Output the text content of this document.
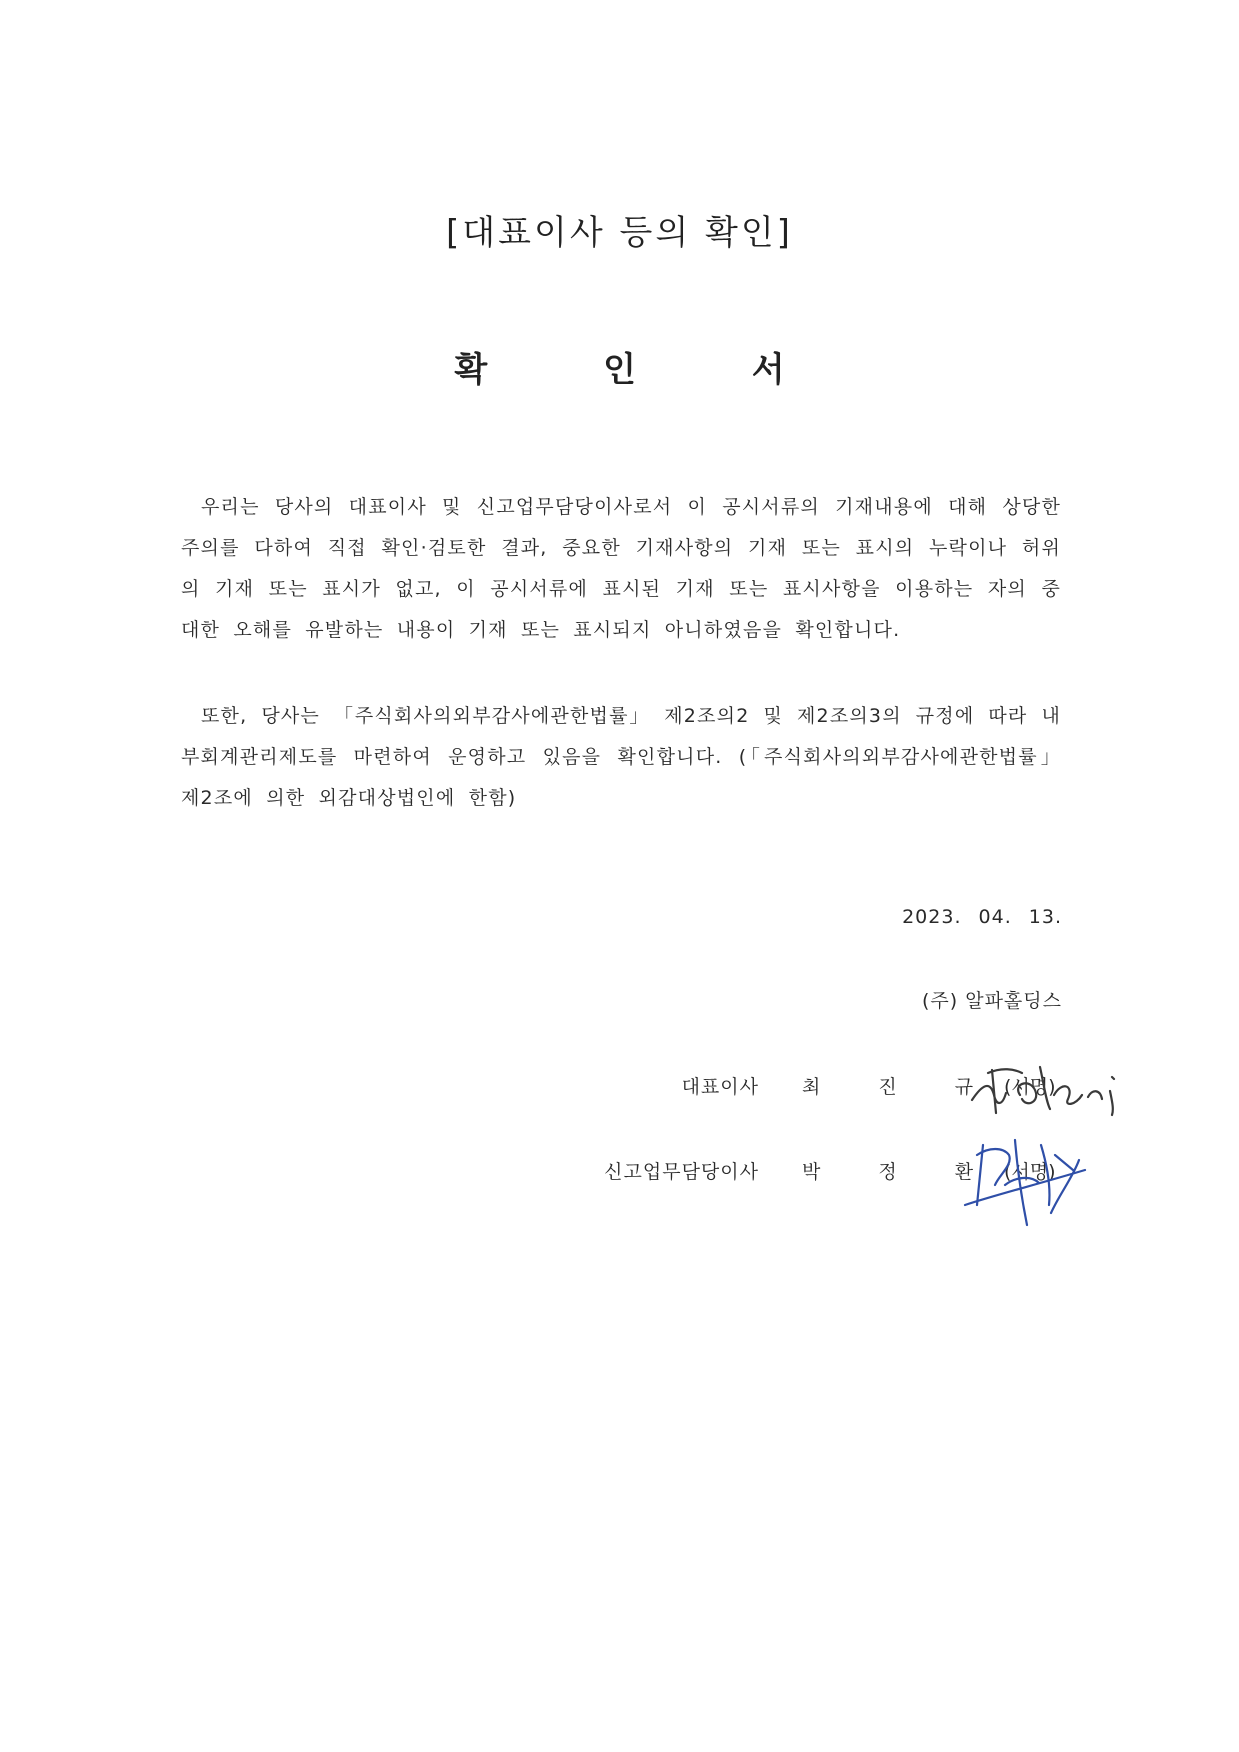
[대표이사 등의 확인]
확 인 서

우리는 당사의 대표이사 및 신고업무담당이사로서 이 공시서류의 기재내용에 대해 상당한 주의를 다하여 직접 확인·검토한 결과, 중요한 기재사항의 기재 또는 표시의 누락이나 허위의 기재 또는 표시가 없고, 이 공시서류에 표시된 기재 또는 표시사항을 이용하는 자의 중대한 오해를 유발하는 내용이 기재 또는 표시되지 아니하였음을 확인합니다.

또한, 당사는 「주식회사의외부감사에관한법률」 제2조의2 및 제2조의3의 규정에 따라 내부회계관리제도를 마련하여 운영하고 있음을 확인합니다. (「주식회사의외부감사에관한법률」 제2조에 의한 외감대상법인에 한함)

2023. 04. 13.
(주) 알파홀딩스
대표이사 최 진 규 (서명)
신고업무담당이사 박 정 환 (서명)
